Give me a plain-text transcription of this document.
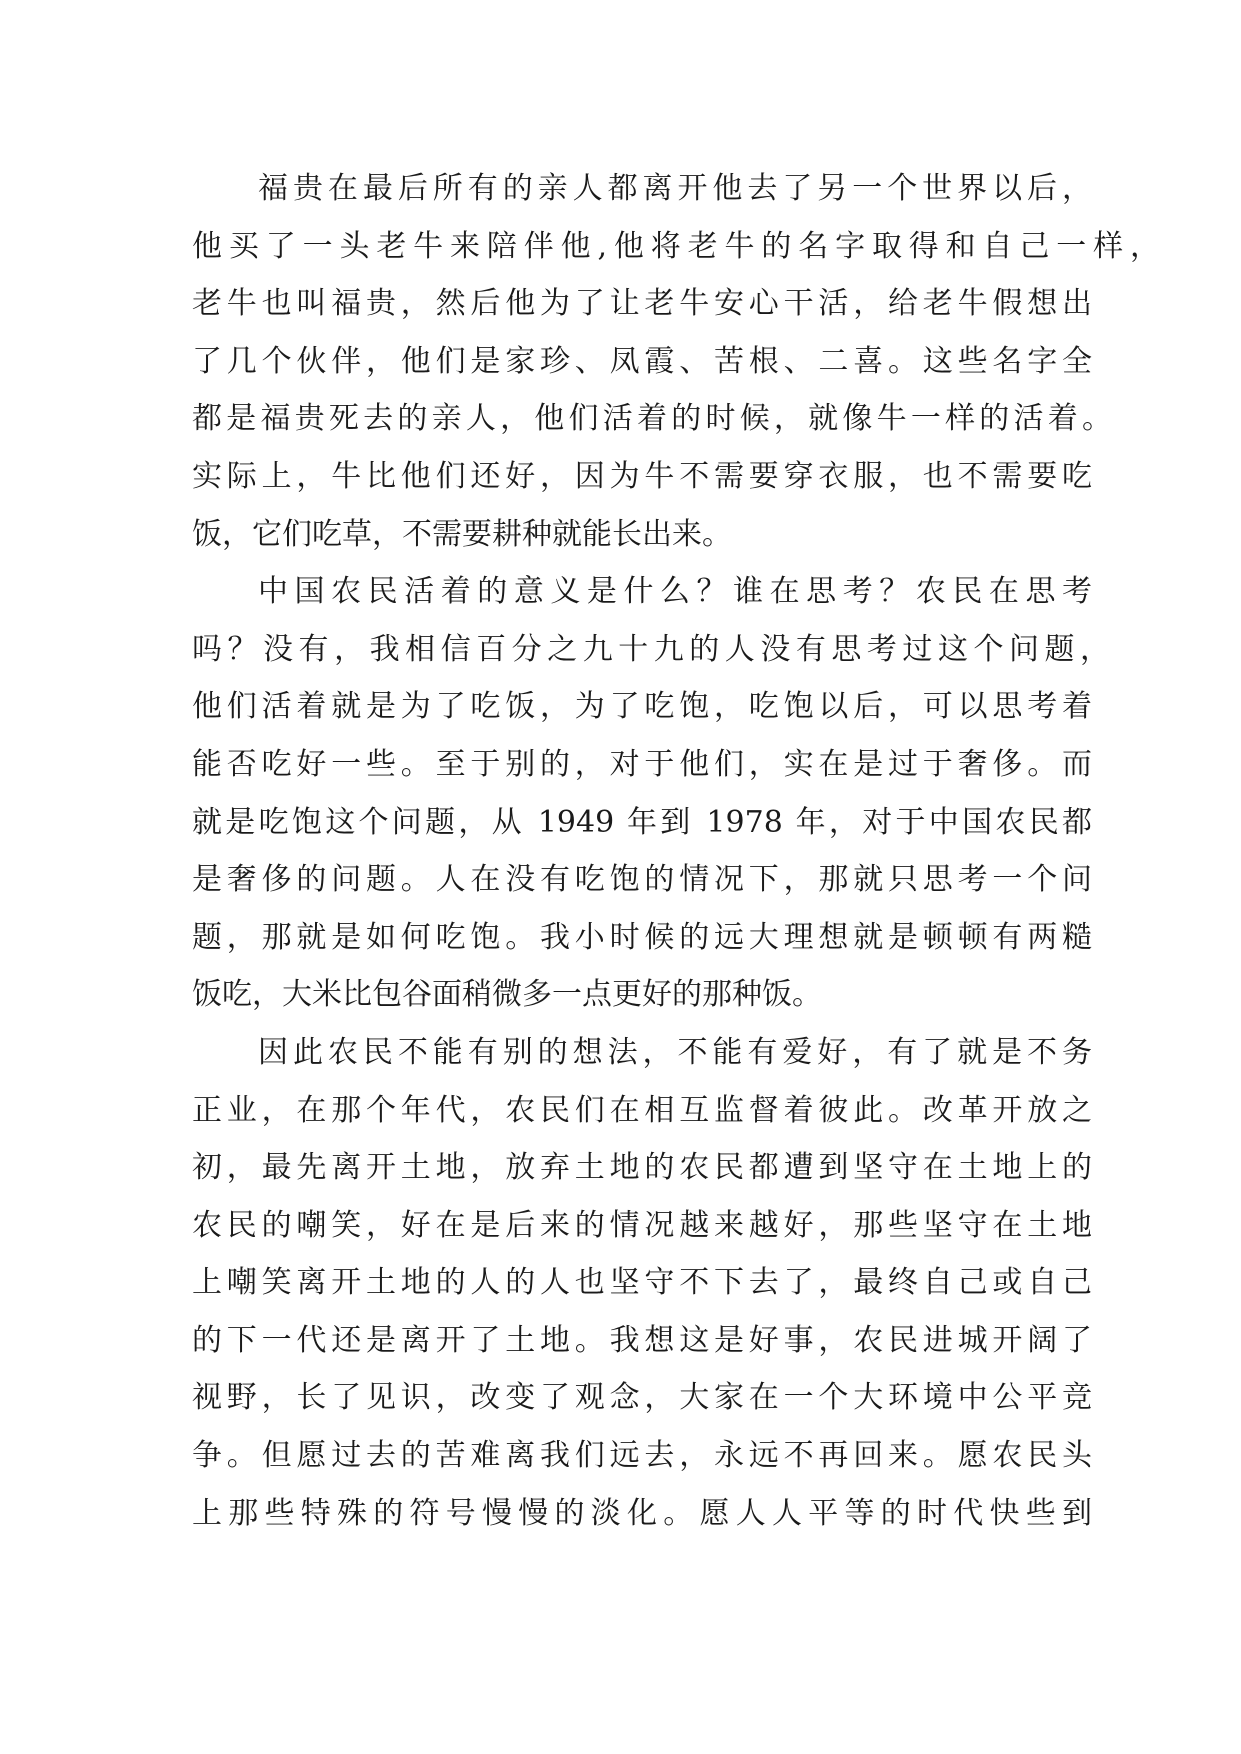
福贵在最后所有的亲人都离开他去了另一个世界以后，
他买了一头老牛来陪伴他,他将老牛的名字取得和自己一样，
老牛也叫福贵，然后他为了让老牛安心干活，给老牛假想出
了几个伙伴，他们是家珍、凤霞、苦根、二喜。这些名字全
都是福贵死去的亲人，他们活着的时候，就像牛一样的活着。
实际上，牛比他们还好，因为牛不需要穿衣服，也不需要吃
饭，它们吃草，不需要耕种就能长出来。
中国农民活着的意义是什么？谁在思考？农民在思考
吗？没有，我相信百分之九十九的人没有思考过这个问题，
他们活着就是为了吃饭，为了吃饱，吃饱以后，可以思考着
能否吃好一些。至于别的，对于他们，实在是过于奢侈。而
就是吃饱这个问题，从 1949 年到 1978 年，对于中国农民都
是奢侈的问题。人在没有吃饱的情况下，那就只思考一个问
题，那就是如何吃饱。我小时候的远大理想就是顿顿有两糙
饭吃，大米比包谷面稍微多一点更好的那种饭。
因此农民不能有别的想法，不能有爱好，有了就是不务
正业，在那个年代，农民们在相互监督着彼此。改革开放之
初，最先离开土地，放弃土地的农民都遭到坚守在土地上的
农民的嘲笑，好在是后来的情况越来越好，那些坚守在土地
上嘲笑离开土地的人的人也坚守不下去了，最终自己或自己
的下一代还是离开了土地。我想这是好事，农民进城开阔了
视野，长了见识，改变了观念，大家在一个大环境中公平竞
争。但愿过去的苦难离我们远去，永远不再回来。愿农民头
上那些特殊的符号慢慢的淡化。愿人人平等的时代快些到
